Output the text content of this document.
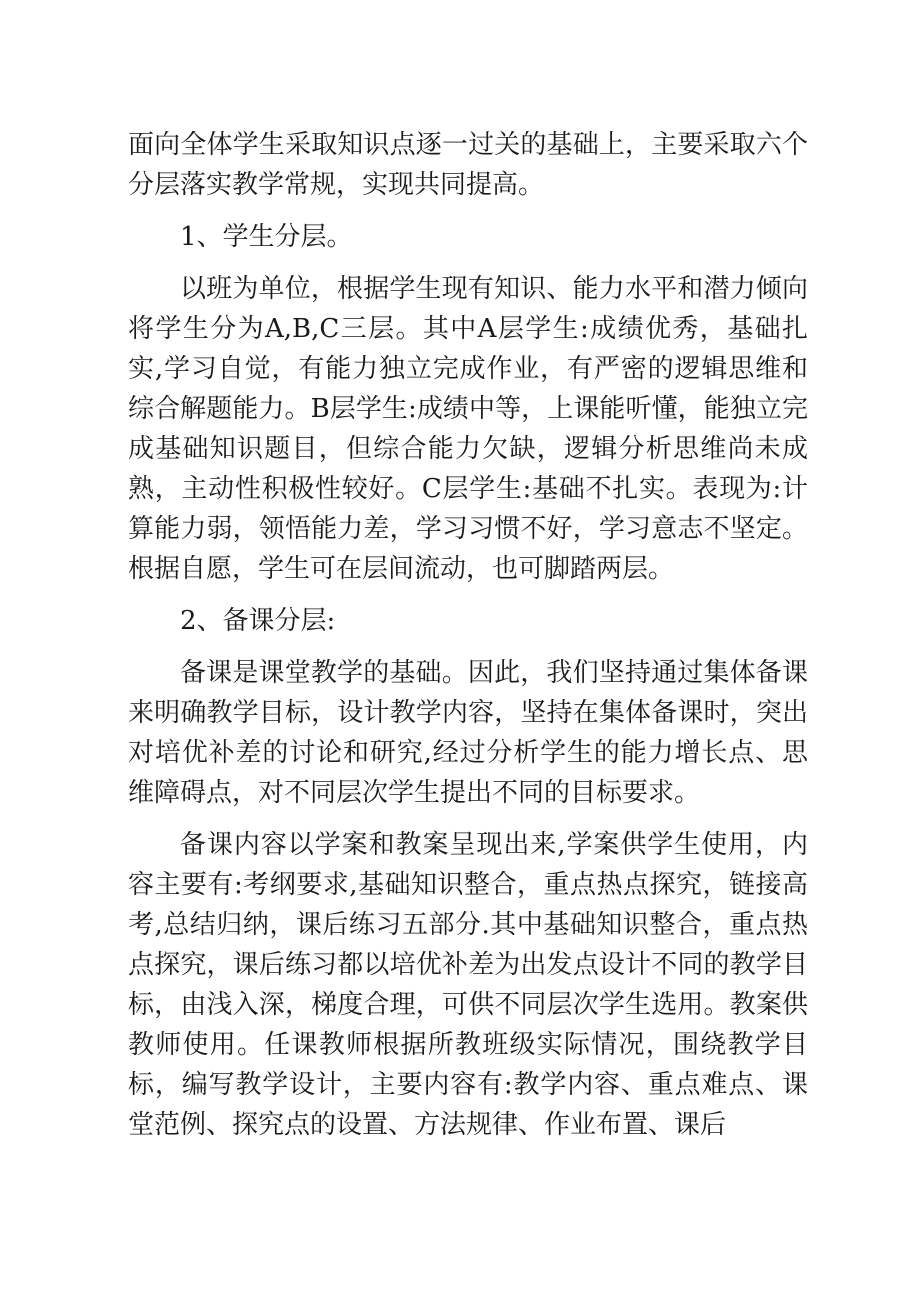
面向全体学生采取知识点逐一过关的基础上，主要采取六个分层落实教学常规，实现共同提高。

1、学生分层。

以班为单位，根据学生现有知识、能力水平和潜力倾向将学生分为A,B,C三层。其中A层学生:成绩优秀，基础扎实,学习自觉，有能力独立完成作业，有严密的逻辑思维和综合解题能力。B层学生:成绩中等，上课能听懂，能独立完成基础知识题目，但综合能力欠缺，逻辑分析思维尚未成熟，主动性积极性较好。C层学生:基础不扎实。表现为:计算能力弱，领悟能力差，学习习惯不好，学习意志不坚定。根据自愿，学生可在层间流动，也可脚踏两层。

2、备课分层:

备课是课堂教学的基础。因此，我们坚持通过集体备课来明确教学目标，设计教学内容，坚持在集体备课时，突出对培优补差的讨论和研究,经过分析学生的能力增长点、思维障碍点，对不同层次学生提出不同的目标要求。

备课内容以学案和教案呈现出来,学案供学生使用，内容主要有:考纲要求,基础知识整合，重点热点探究，链接高考,总结归纳，课后练习五部分.其中基础知识整合，重点热点探究，课后练习都以培优补差为出发点设计不同的教学目标，由浅入深，梯度合理，可供不同层次学生选用。教案供教师使用。任课教师根据所教班级实际情况，围绕教学目标，编写教学设计，主要内容有:教学内容、重点难点、课堂范例、探究点的设置、方法规律、作业布置、课后
